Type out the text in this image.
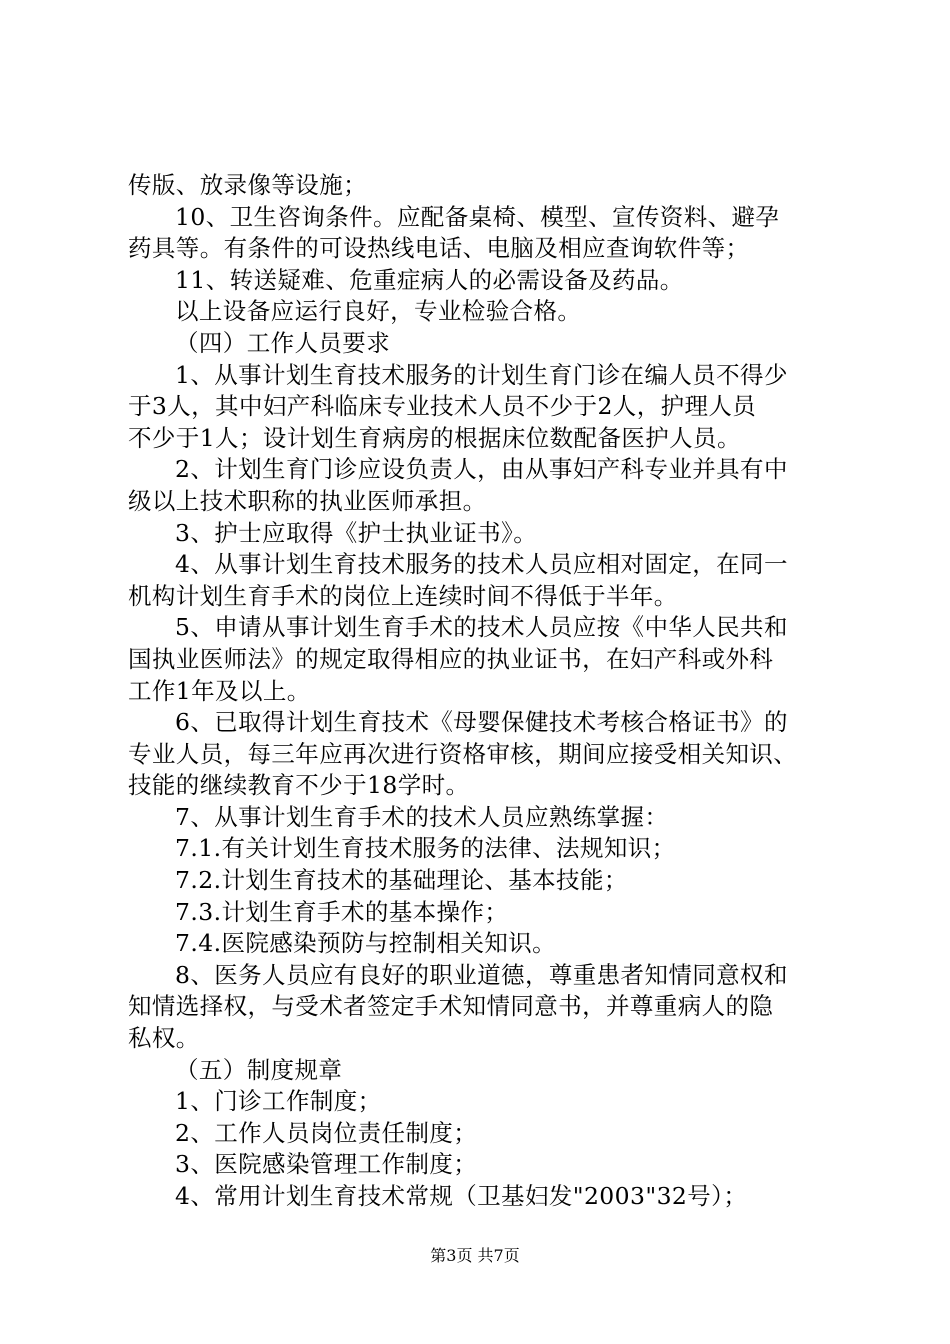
传版、放录像等设施；
10、卫生咨询条件。应配备桌椅、模型、宣传资料、避孕
药具等。有条件的可设热线电话、电脑及相应查询软件等；
11、转送疑难、危重症病人的必需设备及药品。
以上设备应运行良好，专业检验合格。
（四）工作人员要求
1、从事计划生育技术服务的计划生育门诊在编人员不得少
于3人，其中妇产科临床专业技术人员不少于2人，护理人员
不少于1人；设计划生育病房的根据床位数配备医护人员。
2、计划生育门诊应设负责人，由从事妇产科专业并具有中
级以上技术职称的执业医师承担。
3、护士应取得《护士执业证书》。
4、从事计划生育技术服务的技术人员应相对固定，在同一
机构计划生育手术的岗位上连续时间不得低于半年。
5、申请从事计划生育手术的技术人员应按《中华人民共和
国执业医师法》的规定取得相应的执业证书，在妇产科或外科
工作1年及以上。
6、已取得计划生育技术《母婴保健技术考核合格证书》的
专业人员，每三年应再次进行资格审核，期间应接受相关知识、
技能的继续教育不少于18学时。
7、从事计划生育手术的技术人员应熟练掌握：
7.1.有关计划生育技术服务的法律、法规知识；
7.2.计划生育技术的基础理论、基本技能；
7.3.计划生育手术的基本操作；
7.4.医院感染预防与控制相关知识。
8、医务人员应有良好的职业道德，尊重患者知情同意权和
知情选择权，与受术者签定手术知情同意书，并尊重病人的隐
私权。
（五）制度规章
1、门诊工作制度；
2、工作人员岗位责任制度；
3、医院感染管理工作制度；
4、常用计划生育技术常规（卫基妇发"2003"32号）；
第3页 共7页
